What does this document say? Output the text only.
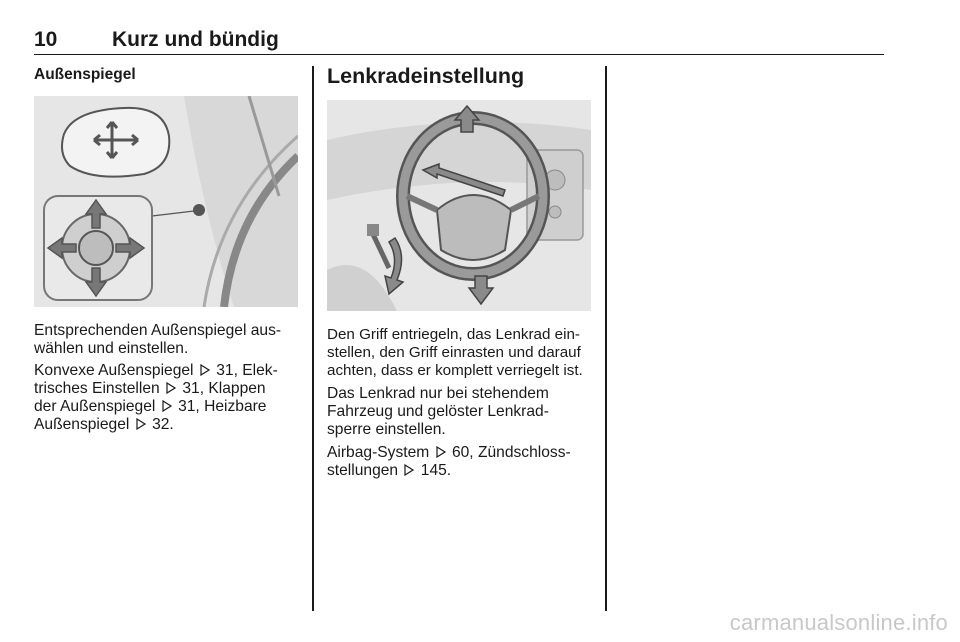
10	Kurz und bündig
Außenspiegel

Entsprechenden Außenspiegel aus-
wählen und einstellen.

Konvexe Außenspiegel 31, Elek-
trisches Einstellen 31, Klappen
der Außenspiegel 31, Heizbare
Außenspiegel 32.

Lenkradeinstellung

Den Griff entriegeln, das Lenkrad ein-
stellen, den Griff einrasten und darauf
achten, dass er komplett verriegelt ist.

Das Lenkrad nur bei stehendem
Fahrzeug und gelöster Lenkrad-
sperre einstellen.

Airbag-System 60, Zündschloss-
stellungen 145.

carmanualsonline.info
